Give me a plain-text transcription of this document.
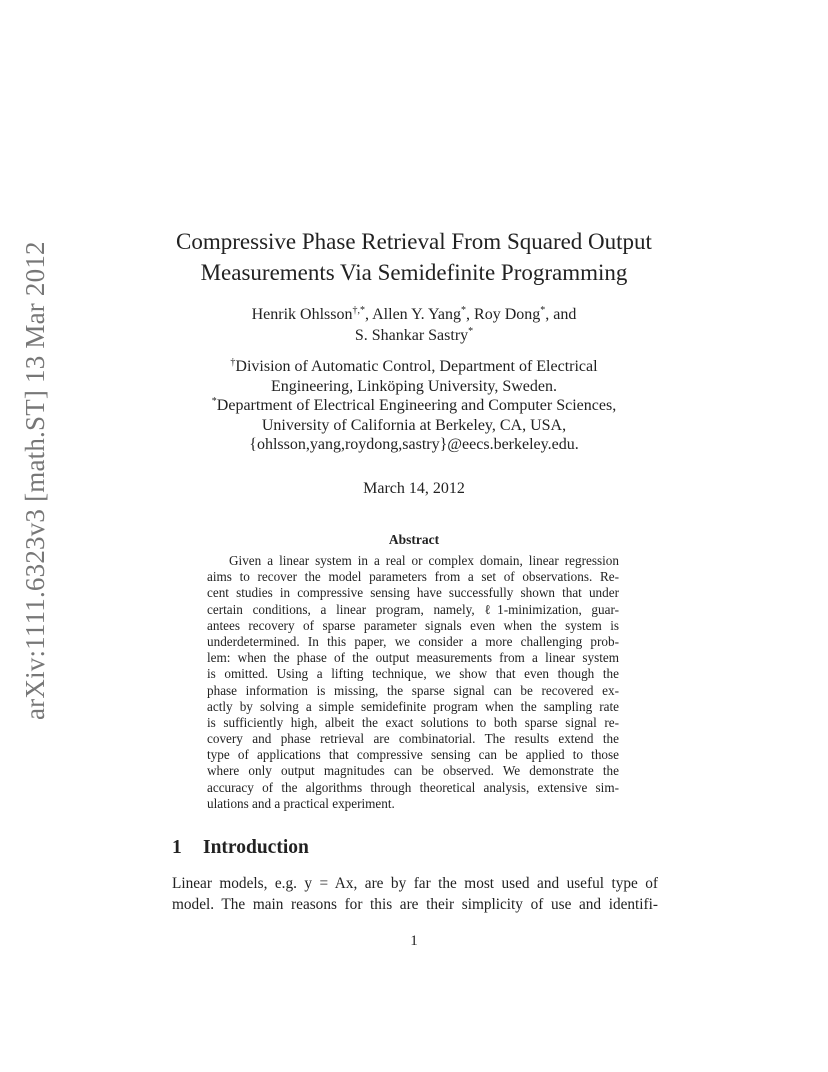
arXiv:1111.6323v3 [math.ST] 13 Mar 2012	Compressive Phase Retrieval From Squared Output
Measurements Via Semidefinite Programming
Henrik Ohlsson†,*, Allen Y. Yang*, Roy Dong*, and
S. Shankar Sastry*
†Division of Automatic Control, Department of Electrical
Engineering, Linköping University, Sweden.
*Department of Electrical Engineering and Computer Sciences,
University of California at Berkeley, CA, USA,
{ohlsson,yang,roydong,sastry}@eecs.berkeley.edu.
March 14, 2012
Abstract
Given a linear system in a real or complex domain, linear regression
aims to recover the model parameters from a set of observations. Re-
cent studies in compressive sensing have successfully shown that under
certain conditions, a linear program, namely, ℓ1-minimization, guar-
antees recovery of sparse parameter signals even when the system is
underdetermined. In this paper, we consider a more challenging prob-
lem: when the phase of the output measurements from a linear system
is omitted. Using a lifting technique, we show that even though the
phase information is missing, the sparse signal can be recovered ex-
actly by solving a simple semidefinite program when the sampling rate
is sufficiently high, albeit the exact solutions to both sparse signal re-
covery and phase retrieval are combinatorial. The results extend the
type of applications that compressive sensing can be applied to those
where only output magnitudes can be observed. We demonstrate the
accuracy of the algorithms through theoretical analysis, extensive sim-
ulations and a practical experiment.
1 Introduction
Linear models, e.g. y = Ax, are by far the most used and useful type of
model. The main reasons for this are their simplicity of use and identifi-
1
